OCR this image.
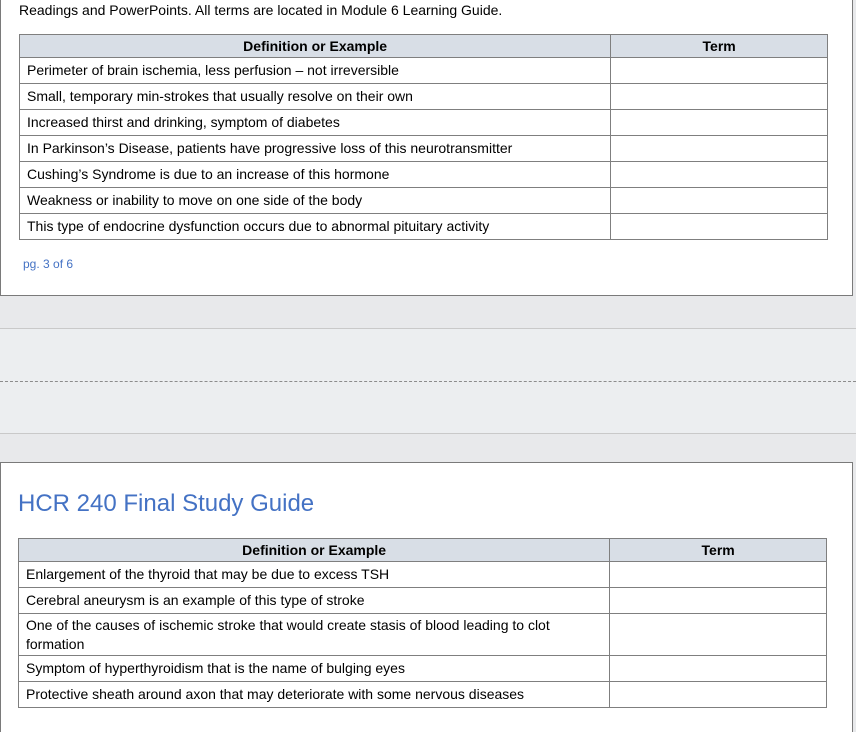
Readings and PowerPoints. All terms are located in Module 6 Learning Guide.
Definition or Example	Term
Perimeter of brain ischemia, less perfusion – not irreversible	
Small, temporary min-strokes that usually resolve on their own	
Increased thirst and drinking, symptom of diabetes	
In Parkinson’s Disease, patients have progressive loss of this neurotransmitter	
Cushing’s Syndrome is due to an increase of this hormone	
Weakness or inability to move on one side of the body	
This type of endocrine dysfunction occurs due to abnormal pituitary activity	
pg. 3 of 6
HCR 240 Final Study Guide
Definition or Example	Term
Enlargement of the thyroid that may be due to excess TSH	
Cerebral aneurysm is an example of this type of stroke	
One of the causes of ischemic stroke that would create stasis of blood leading to clot formation	
Symptom of hyperthyroidism that is the name of bulging eyes	
Protective sheath around axon that may deteriorate with some nervous diseases	
